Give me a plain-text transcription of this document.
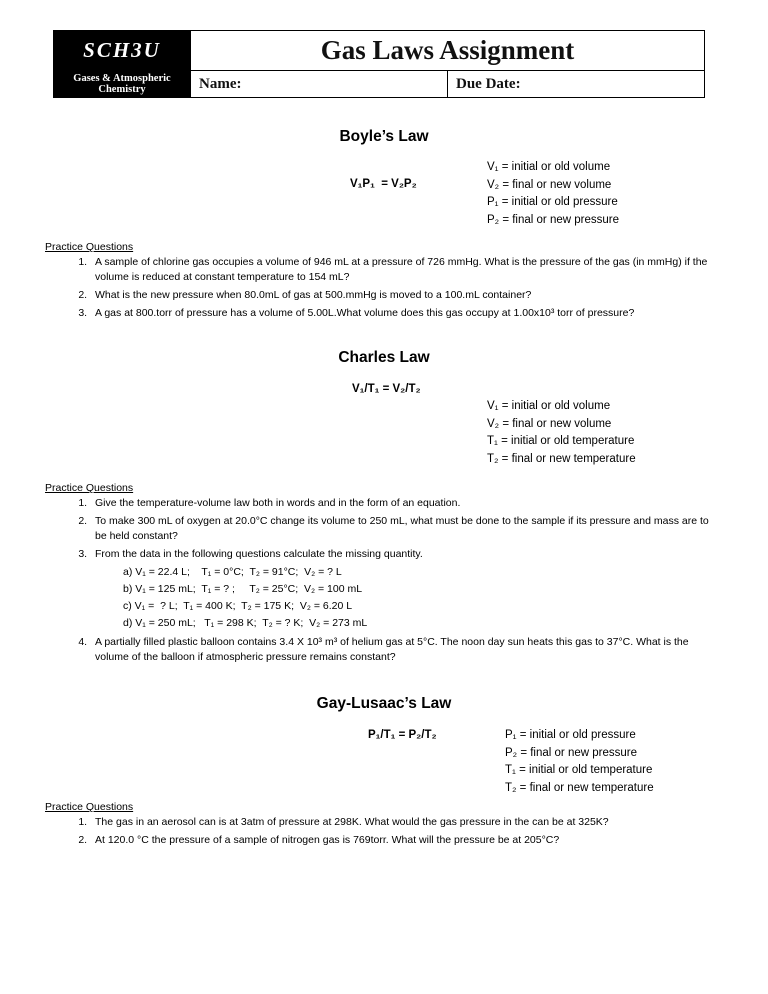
SCH3U	Gas Laws Assignment	
Gases & Atmospheric Chemistry	Name:	Due Date:
Boyle’s Law
V₁P₁  = V₂P₂
V₁ = initial or old volume
V₂ = final or new volume
P₁ = initial or old pressure
P₂ = final or new pressure
Practice Questions
1. A sample of chlorine gas occupies a volume of 946 mL at a pressure of 726 mmHg. What is the pressure of the gas (in mmHg) if the volume is reduced at constant temperature to 154 mL?
2. What is the new pressure when 80.0mL of gas at 500.mmHg is moved to a 100.mL container?
3. A gas at 800.torr of pressure has a volume of 5.00L.What volume does this gas occupy at 1.00x10³ torr of pressure?
Charles Law
V₁/T₁ = V₂/T₂
V₁ = initial or old volume
V₂ = final or new volume
T₁ = initial or old temperature
T₂ = final or new temperature
Practice Questions
1. Give the temperature-volume law both in words and in the form of an equation.
2. To make 300 mL of oxygen at 20.0°C change its volume to 250 mL, what must be done to the sample if its pressure and mass are to be held constant?
3. From the data in the following questions calculate the missing quantity.
a) V₁ = 22.4 L;    T₁ = 0°C;  T₂ = 91°C;  V₂ = ? L
b) V₁ = 125 mL;  T₁ = ? ;     T₂ = 25°C;  V₂ = 100 mL
c) V₁ =  ? L;  T₁ = 400 K;  T₂ = 175 K;  V₂ = 6.20 L
d) V₁ = 250 mL;   T₁ = 298 K;  T₂ = ? K;  V₂ = 273 mL
4. A partially filled plastic balloon contains 3.4 X 10³ m³ of helium gas at 5°C. The noon day sun heats this gas to 37°C. What is the volume of the balloon if atmospheric pressure remains constant?
Gay-Lusaac’s Law
P₁/T₁ = P₂/T₂	P₁ = initial or old pressure
P₂ = final or new pressure
T₁ = initial or old temperature
T₂ = final or new temperature
Practice Questions
1. The gas in an aerosol can is at 3atm of pressure at 298K. What would the gas pressure in the can be at 325K?
2. At 120.0 °C the pressure of a sample of nitrogen gas is 769torr. What will the pressure be at 205°C?
